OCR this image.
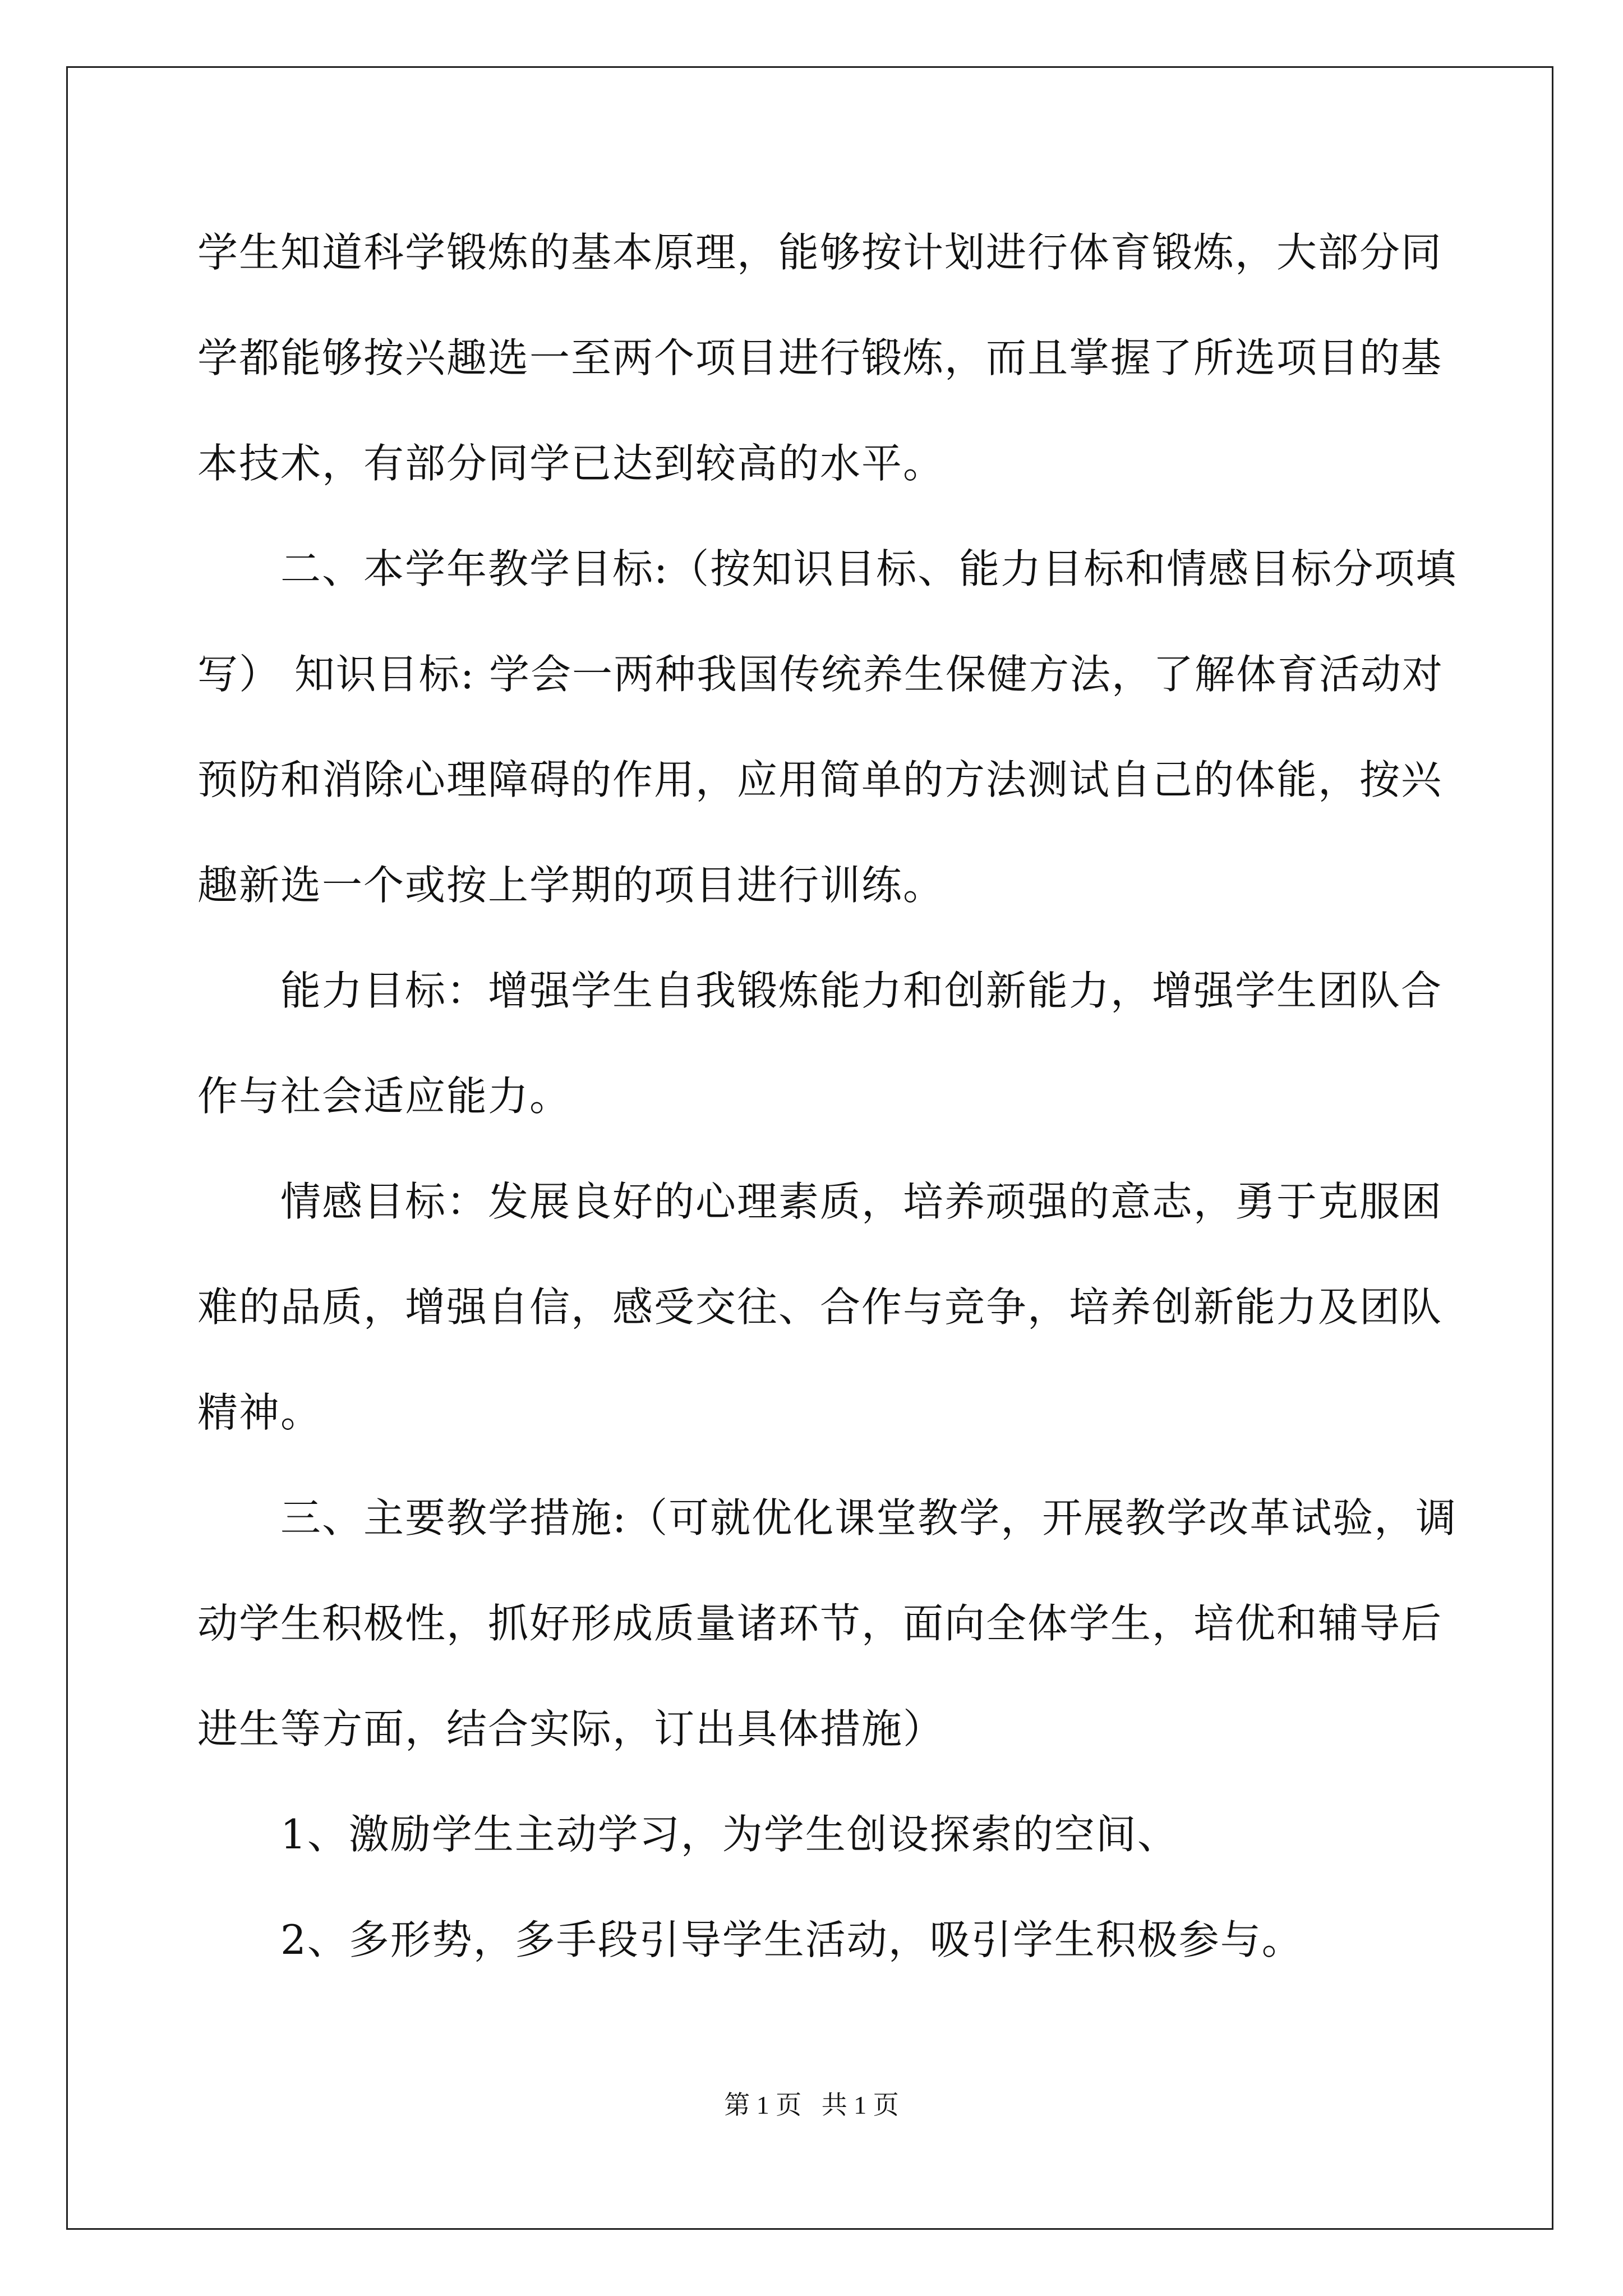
学生知道科学锻炼的基本原理，能够按计划进行体育锻炼，大部分同
学都能够按兴趣选一至两个项目进行锻炼，而且掌握了所选项目的基
本技术，有部分同学已达到较高的水平。
二、本学年教学目标:（按知识目标、能力目标和情感目标分项填
写） 知识目标: 学会一两种我国传统养生保健方法，了解体育活动对
预防和消除心理障碍的作用，应用简单的方法测试自己的体能，按兴
趣新选一个或按上学期的项目进行训练。
能力目标：增强学生自我锻炼能力和创新能力，增强学生团队合
作与社会适应能力。
情感目标：发展良好的心理素质，培养顽强的意志，勇于克服困
难的品质，增强自信，感受交往、合作与竞争，培养创新能力及团队
精神。
三、主要教学措施:（可就优化课堂教学，开展教学改革试验，调
动学生积极性，抓好形成质量诸环节，面向全体学生，培优和辅导后
进生等方面，结合实际，订出具体措施）
1、激励学生主动学习，为学生创设探索的空间、
2、多形势，多手段引导学生活动，吸引学生积极参与。
第 1 页 共 1 页
